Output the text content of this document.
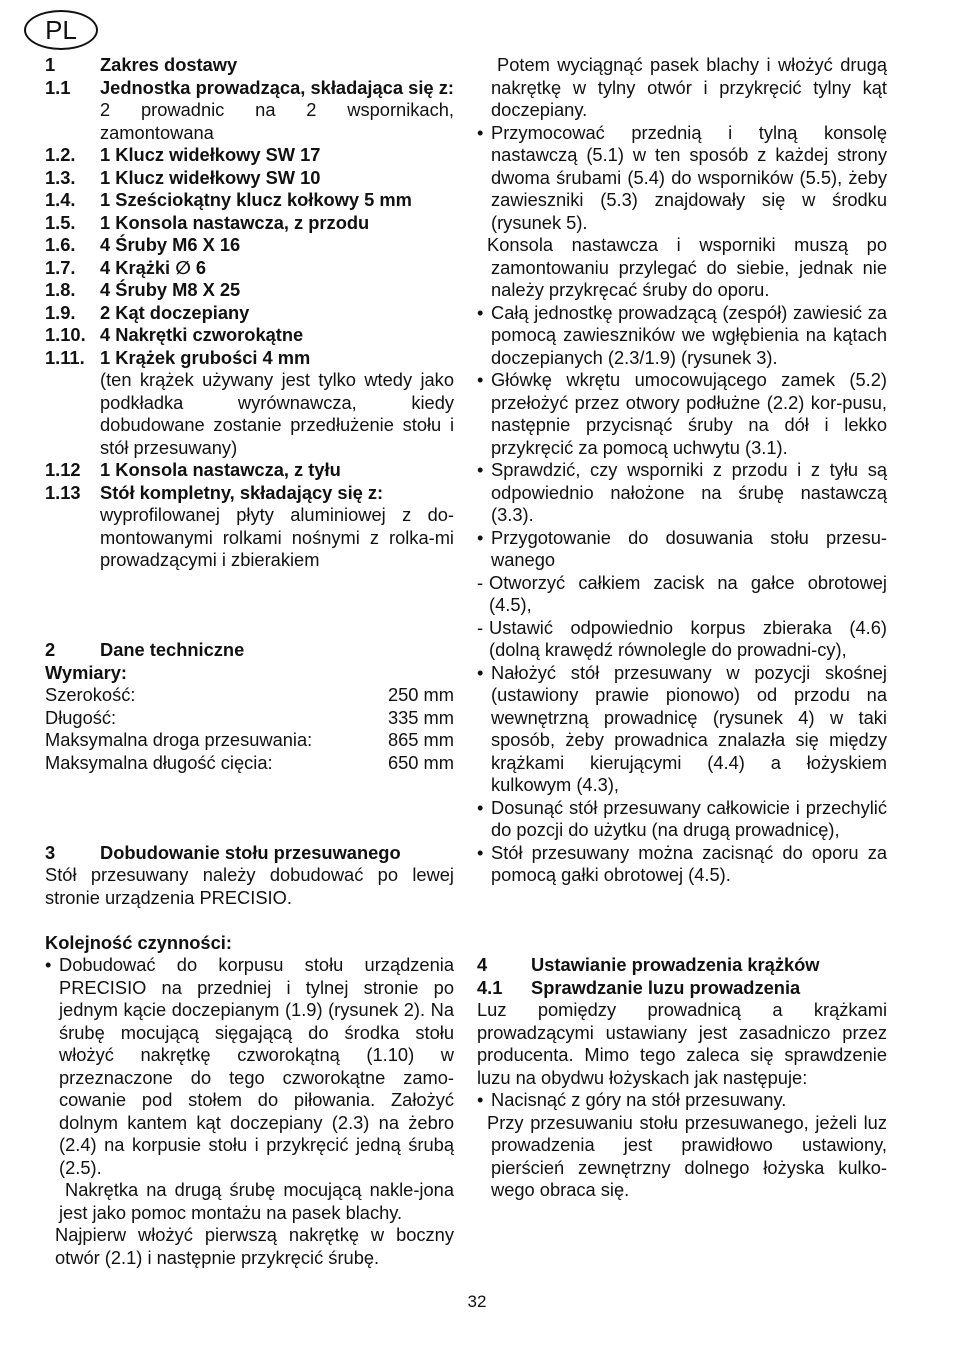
PL
1	Zakres dostawy
1.1	Jednostka prowadząca, składająca się z: 2 prowadnic na 2 wspornikach, zamontowana
1.2.	1 Klucz widełkowy SW 17
1.3.	1 Klucz widełkowy SW 10
1.4.	1 Sześciokątny klucz kołkowy 5 mm
1.5.	1 Konsola nastawcza, z przodu
1.6.	4 Śruby M6 X 16
1.7.	4 Krążki ∅ 6
1.8.	4 Śruby M8 X 25
1.9.	2 Kąt doczepiany
1.10. 4 Nakrętki czworokątne
1.11. 1 Krążek grubości 4 mm
(ten krążek używany jest tylko wtedy jako podkładka wyrównawcza, kiedy dobudowane zostanie przedłużenie stołu i stół przesuwany)
1.12	1 Konsola nastawcza, z tyłu
1.13	Stół kompletny, składający się z:
wyprofilowanej płyty aluminiowej z do-montowanymi rolkami nośnymi z rolka-mi prowadzącymi i zbierakiem
2	Dane techniczne
Wymiary:
Szerokość:	250 mm
Długość:	335 mm
Maksymalna droga przesuwania:	865 mm
Maksymalna długość cięcia:	650 mm
3	Dobudowanie stołu przesuwanego
Stół przesuwany należy dobudować po lewej stronie urządzenia PRECISIO.
Kolejność czynności:
• Dobudować do korpusu stołu urządzenia PRECISIO na przedniej i tylnej stronie po jednym kącie doczepianym (1.9) (rysunek 2). Na śrubę mocującą sięgającą do środka stołu włożyć nakrętkę czworokątną (1.10) w przeznaczone do tego czworokątne zamo-cowanie pod stołem do piłowania. Założyć dolnym kantem kąt doczepiany (2.3) na żebro (2.4) na korpusie stołu i przykręcić jedną śrubą (2.5).
Nakrętka na drugą śrubę mocującą nakle-jona jest jako pomoc montażu na pasek blachy.
Najpierw włożyć pierwszą nakrętkę w boczny otwór (2.1) i następnie przykręcić śrubę.
Potem wyciągnąć pasek blachy i włożyć drugą nakrętkę w tylny otwór i przykręcić tylny kąt doczepiany.
• Przymocować przednią i tylną konsolę nastawczą (5.1) w ten sposób z każdej strony dwoma śrubami (5.4) do wsporników (5.5), żeby zawieszniki (5.3) znajdowały się w środku (rysunek 5).
Konsola nastawcza i wsporniki muszą po zamontowaniu przylegać do siebie, jednak nie należy przykręcać śruby do oporu.
• Całą jednostkę prowadzącą (zespół) zawiesić za pomocą zawieszników we wgłębienia na kątach doczepianych (2.3/1.9) (rysunek 3).
• Główkę wkrętu umocowującego zamek (5.2) przełożyć przez otwory podłużne (2.2) kor-pusu, następnie przycisnąć śruby na dół i lekko przykręcić za pomocą uchwytu (3.1).
• Sprawdzić, czy wsporniki z przodu i z tyłu są odpowiednio nałożone na śrubę nastawczą (3.3).
• Przygotowanie do dosuwania stołu przesu-wanego
- Otworzyć całkiem zacisk na gałce obrotowej (4.5),
- Ustawić odpowiednio korpus zbieraka (4.6) (dolną krawędź równolegle do prowadni-cy),
• Nałożyć stół przesuwany w pozycji skośnej (ustawiony prawie pionowo) od przodu na wewnętrzną prowadnicę (rysunek 4) w taki sposób, żeby prowadnica znalazła się między krążkami kierującymi (4.4) a łożyskiem kulkowym (4.3),
• Dosunąć stół przesuwany całkowicie i przechylić do pozcji do użytku (na drugą prowadnicę),
• Stół przesuwany można zacisnąć do oporu za pomocą gałki obrotowej (4.5).
4	Ustawianie prowadzenia krążków
4.1	Sprawdzanie luzu prowadzenia
Luz pomiędzy prowadnicą a krążkami prowadzącymi ustawiany jest zasadniczo przez producenta. Mimo tego zaleca się sprawdzenie luzu na obydwu łożyskach jak następuje:
• Nacisnąć z góry na stół przesuwany.
Przy przesuwaniu stołu przesuwanego, jeżeli luz prowadzenia jest prawidłowo ustawiony, pierścień zewnętrzny dolnego łożyska kulko-wego obraca się.
32
